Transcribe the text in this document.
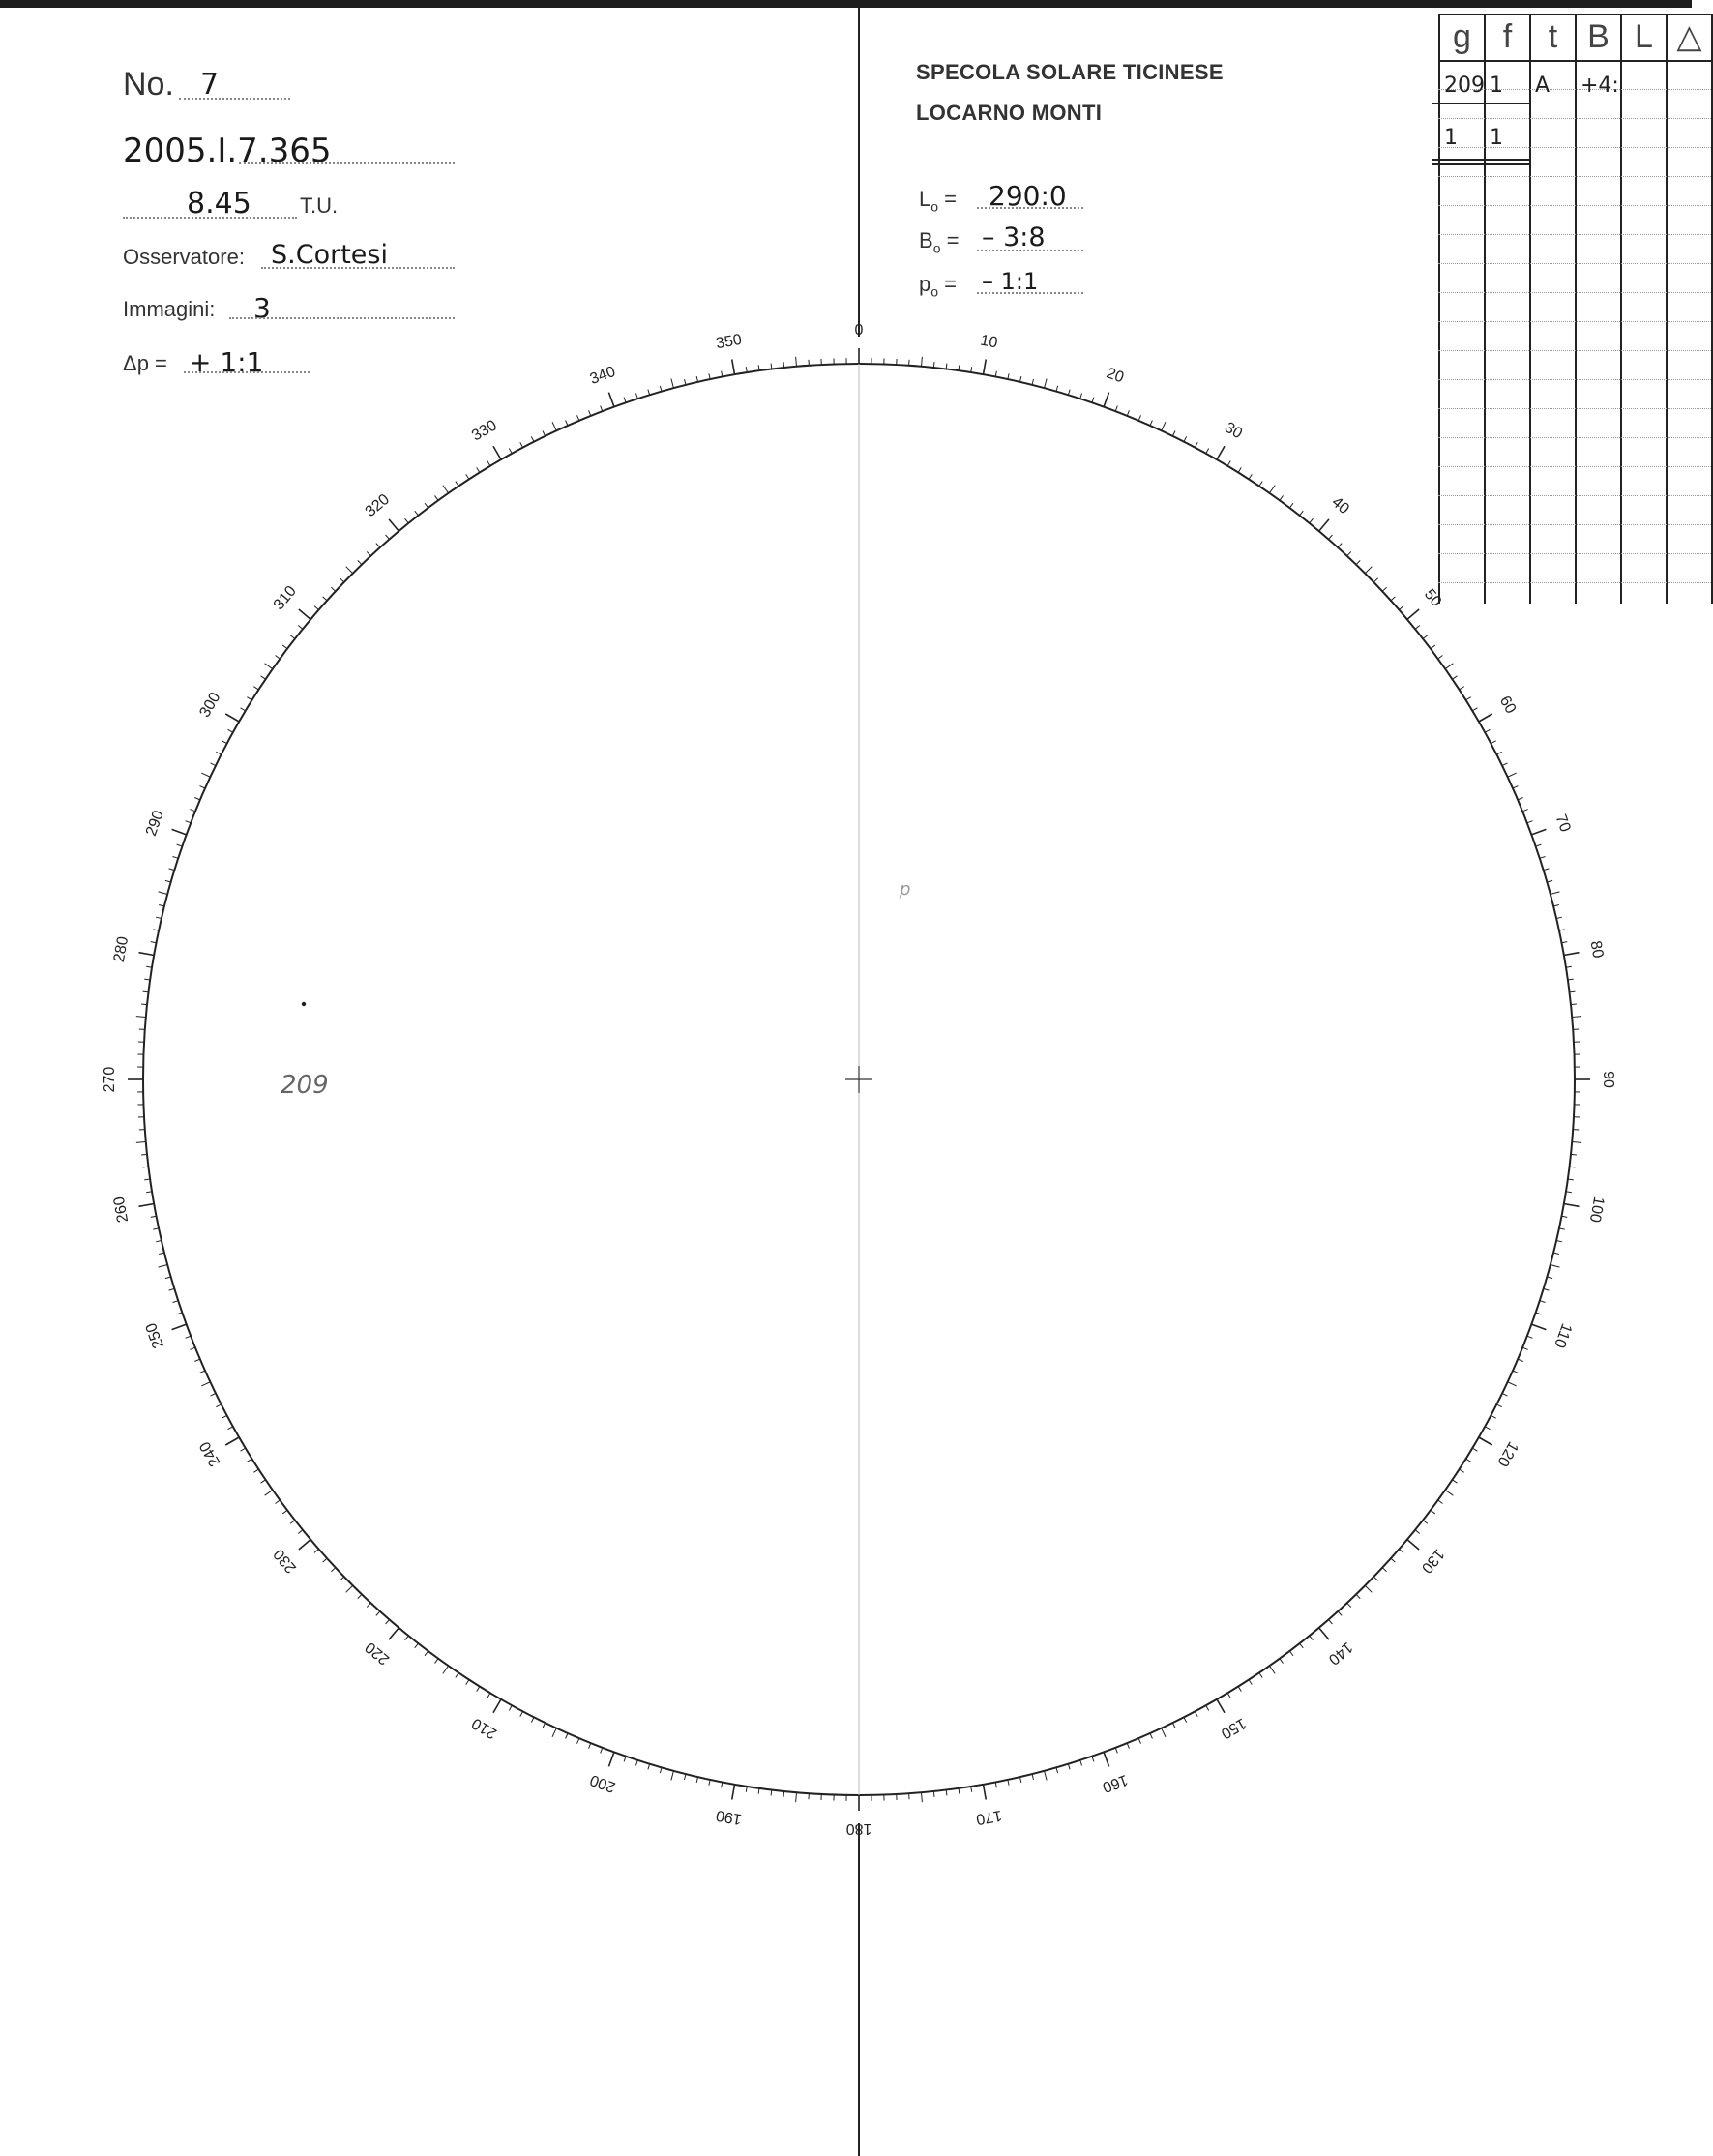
No. 7
2005.I.7.365
8.45 T.U.
Osservatore: S.Cortesi
Immagini: 3
Δp = + 1:1
SPECOLA SOLARE TICINESE
LOCARNO MONTI
$L_o$ = 290:0
$B_o$ = – 3:8
$p_o$ = – 1:1
0
10
20
30
40
50
60
70
80
90
100
110
120
130
140
150
160
170
180
190
200
210
220
230
240
250
260
270
280
290
300
310
320
330
340
350
209
p
g f	t B L △
209 1 A +4:
1 1
